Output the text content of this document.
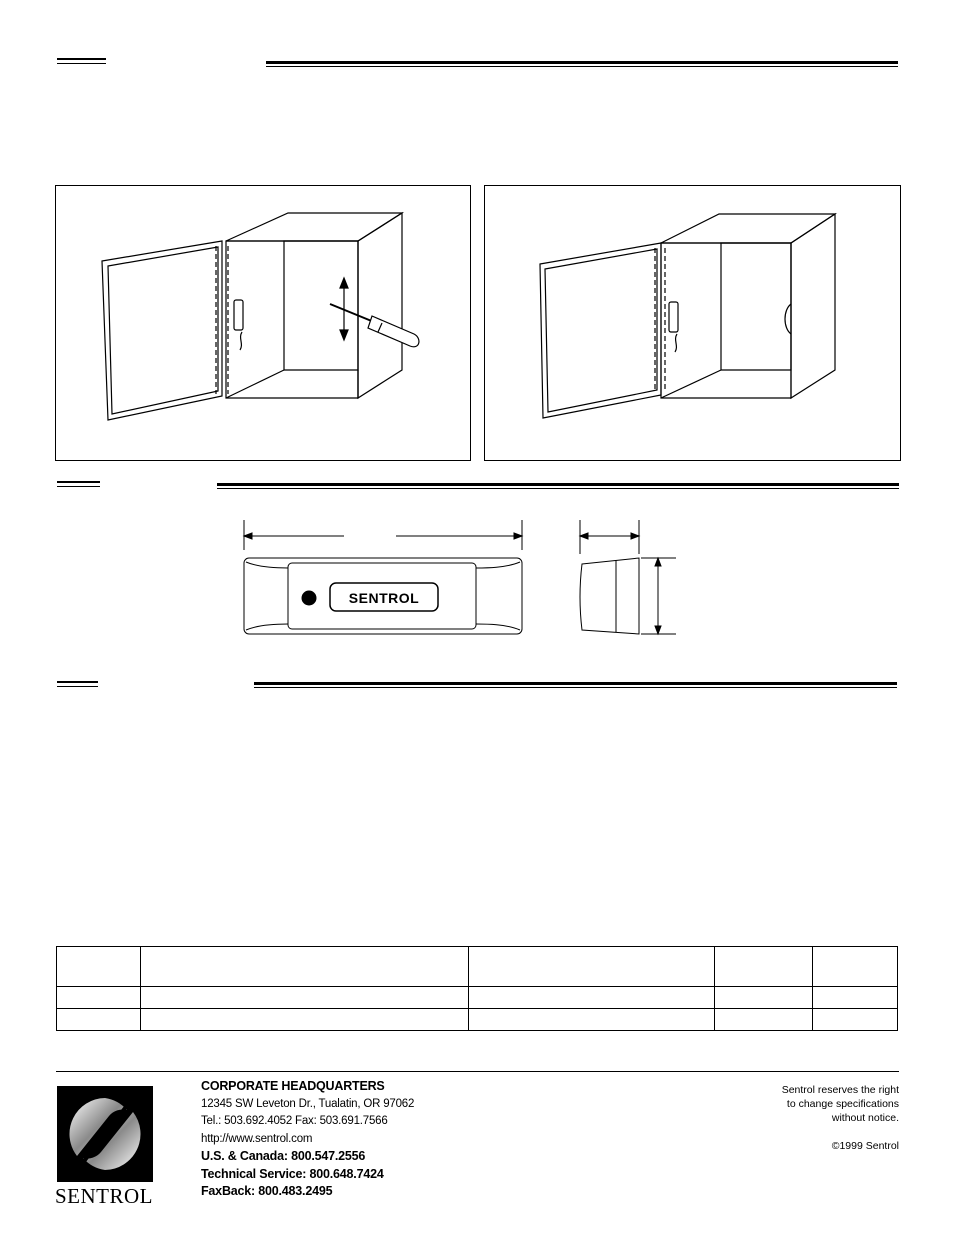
SENTROL

SENTROL
CORPORATE HEADQUARTERS
12345 SW Leveton Dr., Tualatin, OR 97062
Tel.: 503.692.4052 Fax: 503.691.7566
http://www.sentrol.com
U.S. & Canada: 800.547.2556
Technical Service: 800.648.7424
FaxBack: 800.483.2495
Sentrol reserves the right
to change specifications
without notice.
©1999 Sentrol
